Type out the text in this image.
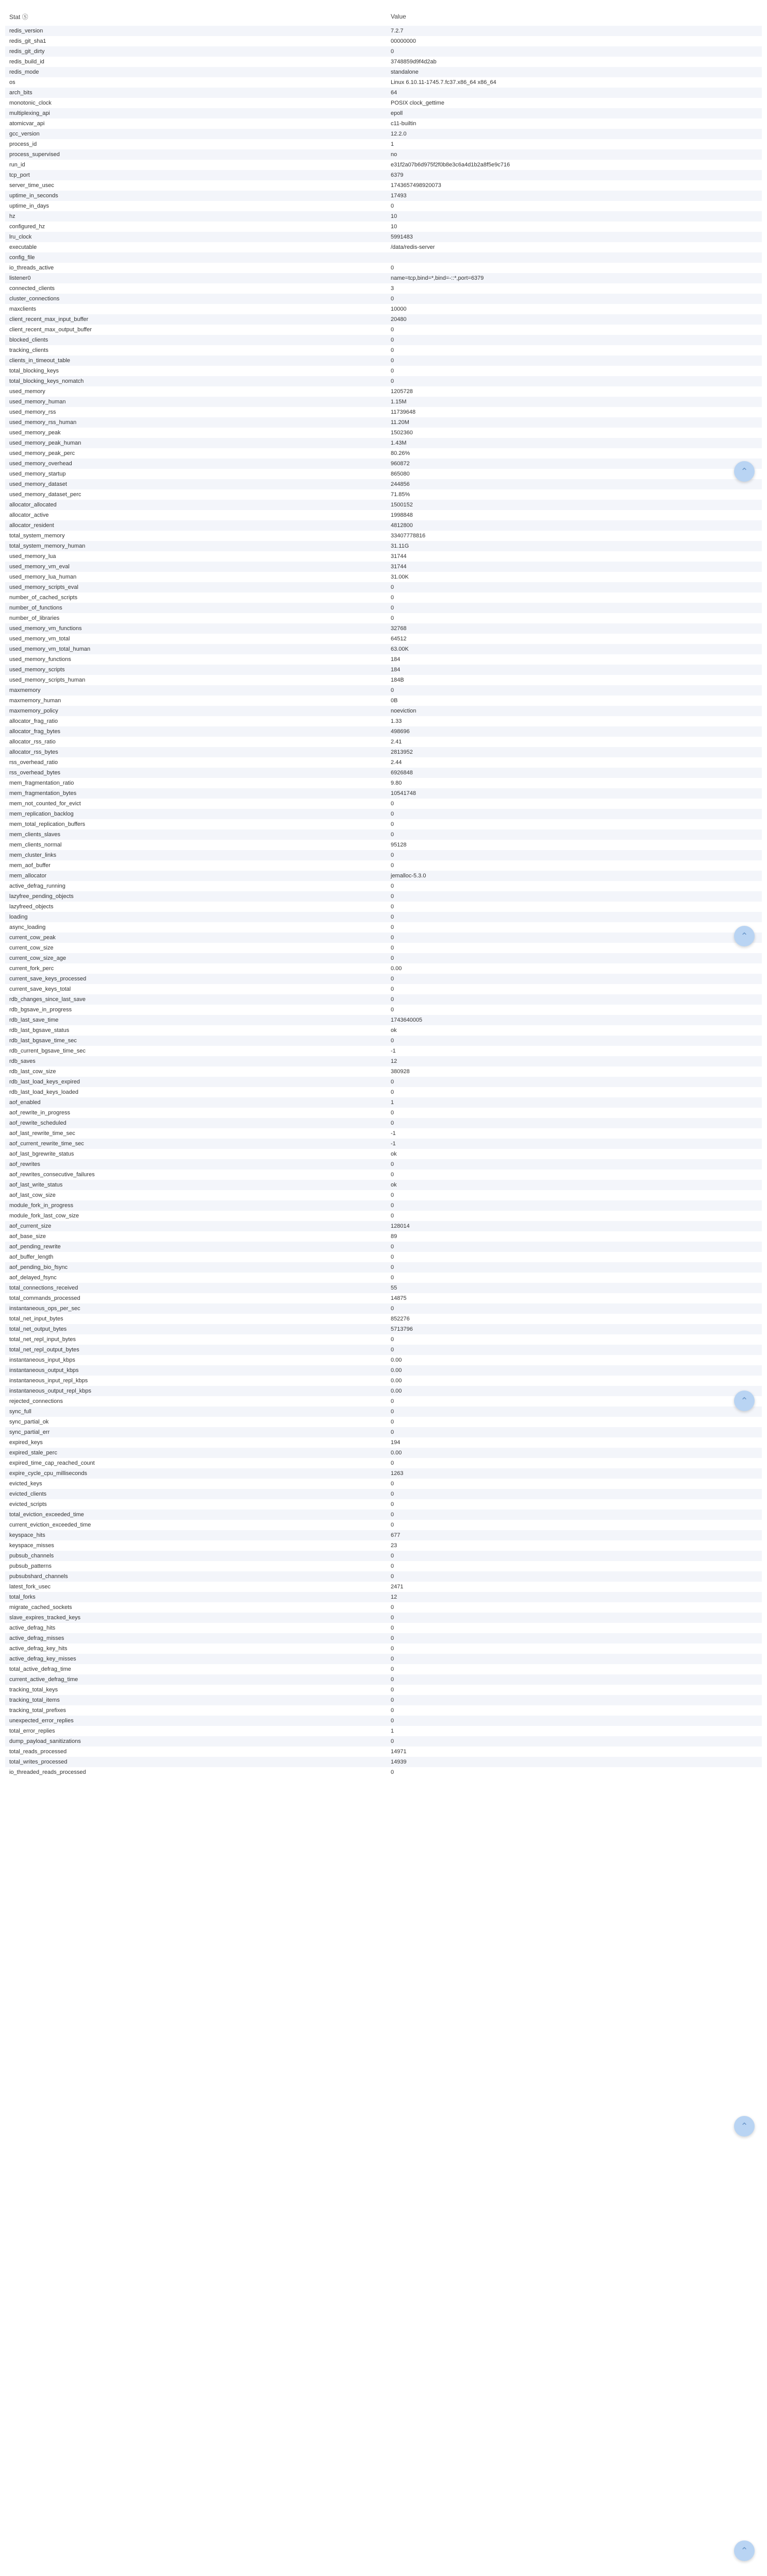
Stat Ⓢ	Value
redis_version	7.2.7
redis_git_sha1	00000000
redis_git_dirty	0
redis_build_id	3748859d9f4d2ab
redis_mode	standalone
os	Linux 6.10.11-1745.7.fc37.x86_64 x86_64
arch_bits	64
monotonic_clock	POSIX clock_gettime
multiplexing_api	epoll
atomicvar_api	c11-builtin
gcc_version	12.2.0
process_id	1
process_supervised	no
run_id	e31f2a07b6d975f2f0b8e3c6a4d1b2a8f5e9c716
tcp_port	6379
server_time_usec	1743657498920073
uptime_in_seconds	17493
uptime_in_days	0
hz	10
configured_hz	10
lru_clock	5991483
executable	/data/redis-server
config_file	
io_threads_active	0
listener0	name=tcp,bind=*,bind=-::*,port=6379
connected_clients	3
cluster_connections	0
maxclients	10000
client_recent_max_input_buffer	20480
client_recent_max_output_buffer	0
blocked_clients	0
tracking_clients	0
clients_in_timeout_table	0
total_blocking_keys	0
total_blocking_keys_nomatch	0
used_memory	1205728
used_memory_human	1.15M
used_memory_rss	11739648
used_memory_rss_human	11.20M
used_memory_peak	1502360
used_memory_peak_human	1.43M
used_memory_peak_perc	80.26%
used_memory_overhead	960872
used_memory_startup	865080
used_memory_dataset	244856
used_memory_dataset_perc	71.85%
allocator_allocated	1500152
allocator_active	1998848
allocator_resident	4812800
total_system_memory	33407778816
total_system_memory_human	31.11G
used_memory_lua	31744
used_memory_vm_eval	31744
used_memory_lua_human	31.00K
used_memory_scripts_eval	0
number_of_cached_scripts	0
number_of_functions	0
number_of_libraries	0
used_memory_vm_functions	32768
used_memory_vm_total	64512
used_memory_vm_total_human	63.00K
used_memory_functions	184
used_memory_scripts	184
used_memory_scripts_human	184B
maxmemory	0
maxmemory_human	0B
maxmemory_policy	noeviction
allocator_frag_ratio	1.33
allocator_frag_bytes	498696
allocator_rss_ratio	2.41
allocator_rss_bytes	2813952
rss_overhead_ratio	2.44
rss_overhead_bytes	6926848
mem_fragmentation_ratio	9.80
mem_fragmentation_bytes	10541748
mem_not_counted_for_evict	0
mem_replication_backlog	0
mem_total_replication_buffers	0
mem_clients_slaves	0
mem_clients_normal	95128
mem_cluster_links	0
mem_aof_buffer	0
mem_allocator	jemalloc-5.3.0
active_defrag_running	0
lazyfree_pending_objects	0
lazyfreed_objects	0
loading	0
async_loading	0
current_cow_peak	0
current_cow_size	0
current_cow_size_age	0
current_fork_perc	0.00
current_save_keys_processed	0
current_save_keys_total	0
rdb_changes_since_last_save	0
rdb_bgsave_in_progress	0
rdb_last_save_time	1743640005
rdb_last_bgsave_status	ok
rdb_last_bgsave_time_sec	0
rdb_current_bgsave_time_sec	-1
rdb_saves	12
rdb_last_cow_size	380928
rdb_last_load_keys_expired	0
rdb_last_load_keys_loaded	0
aof_enabled	1
aof_rewrite_in_progress	0
aof_rewrite_scheduled	0
aof_last_rewrite_time_sec	-1
aof_current_rewrite_time_sec	-1
aof_last_bgrewrite_status	ok
aof_rewrites	0
aof_rewrites_consecutive_failures	0
aof_last_write_status	ok
aof_last_cow_size	0
module_fork_in_progress	0
module_fork_last_cow_size	0
aof_current_size	128014
aof_base_size	89
aof_pending_rewrite	0
aof_buffer_length	0
aof_pending_bio_fsync	0
aof_delayed_fsync	0
total_connections_received	55
total_commands_processed	14875
instantaneous_ops_per_sec	0
total_net_input_bytes	852276
total_net_output_bytes	5713796
total_net_repl_input_bytes	0
total_net_repl_output_bytes	0
instantaneous_input_kbps	0.00
instantaneous_output_kbps	0.00
instantaneous_input_repl_kbps	0.00
instantaneous_output_repl_kbps	0.00
rejected_connections	0
sync_full	0
sync_partial_ok	0
sync_partial_err	0
expired_keys	194
expired_stale_perc	0.00
expired_time_cap_reached_count	0
expire_cycle_cpu_milliseconds	1263
evicted_keys	0
evicted_clients	0
evicted_scripts	0
total_eviction_exceeded_time	0
current_eviction_exceeded_time	0
keyspace_hits	677
keyspace_misses	23
pubsub_channels	0
pubsub_patterns	0
pubsubshard_channels	0
latest_fork_usec	2471
total_forks	12
migrate_cached_sockets	0
slave_expires_tracked_keys	0
active_defrag_hits	0
active_defrag_misses	0
active_defrag_key_hits	0
active_defrag_key_misses	0
total_active_defrag_time	0
current_active_defrag_time	0
tracking_total_keys	0
tracking_total_items	0
tracking_total_prefixes	0
unexpected_error_replies	0
total_error_replies	1
dump_payload_sanitizations	0
total_reads_processed	14971
total_writes_processed	14939
io_threaded_reads_processed	0
⌃
⌃
⌃
⌃
⌃
